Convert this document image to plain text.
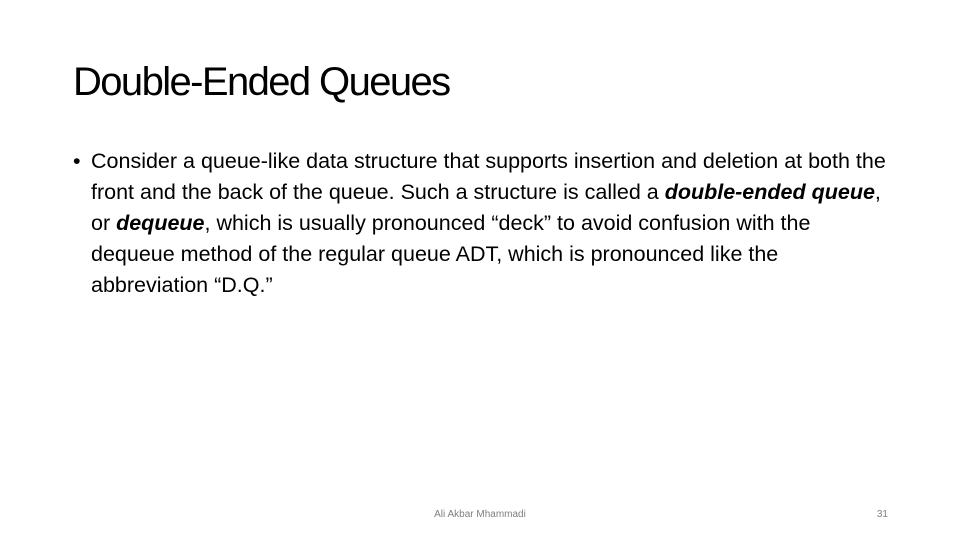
Double-Ended Queues

• Consider a queue-like data structure that supports insertion and deletion at both the front and the back of the queue. Such a structure is called a double-ended queue, or dequeue, which is usually pronounced “deck” to avoid confusion with the dequeue method of the regular queue ADT, which is pronounced like the abbreviation “D.Q.”

Ali Akbar Mhammadi	31
